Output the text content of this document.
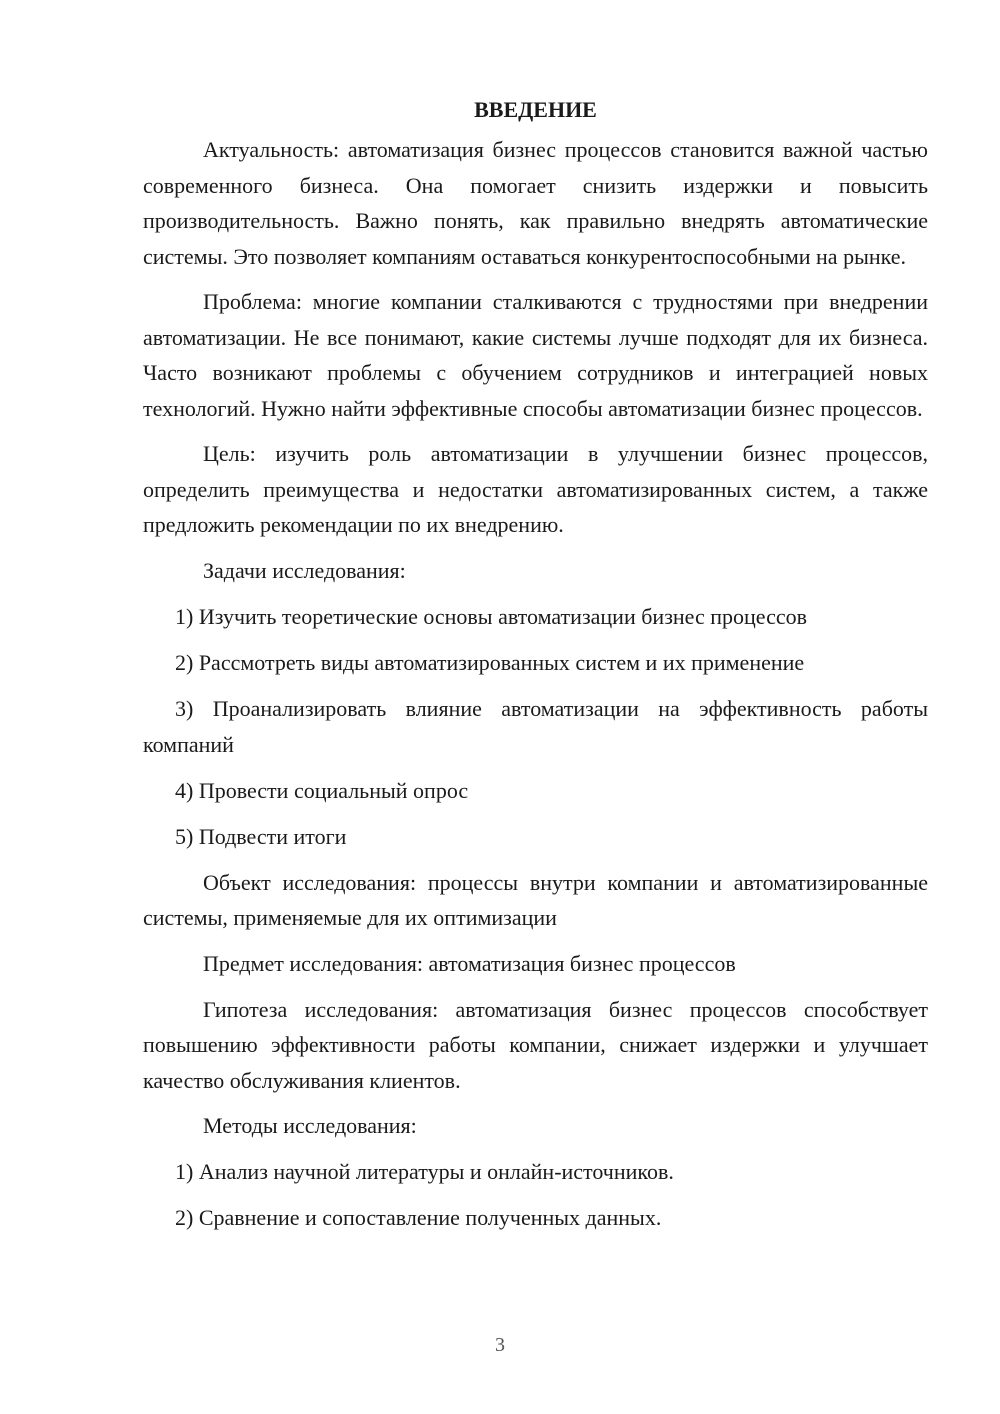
ВВЕДЕНИЕ

Актуальность: автоматизация бизнес процессов становится важной частью современного бизнеса. Она помогает снизить издержки и повысить производительность. Важно понять, как правильно внедрять автоматические системы. Это позволяет компаниям оставаться конкурентоспособными на рынке.

Проблема: многие компании сталкиваются с трудностями при внедрении автоматизации. Не все понимают, какие системы лучше подходят для их бизнеса. Часто возникают проблемы с обучением сотрудников и интеграцией новых технологий. Нужно найти эффективные способы автоматизации бизнес процессов.

Цель: изучить роль автоматизации в улучшении бизнес процессов, определить преимущества и недостатки автоматизированных систем, а также предложить рекомендации по их внедрению.

Задачи исследования:

1) Изучить теоретические основы автоматизации бизнес процессов

2) Рассмотреть виды автоматизированных систем и их применение

3) Проанализировать влияние автоматизации на эффективность работы компаний

4) Провести социальный опрос

5) Подвести итоги

Объект исследования: процессы внутри компании и автоматизированные системы, применяемые для их оптимизации

Предмет исследования: автоматизация бизнес процессов

Гипотеза исследования: автоматизация бизнес процессов способствует повышению эффективности работы компании, снижает издержки и улучшает качество обслуживания клиентов.

Методы исследования:

1) Анализ научной литературы и онлайн-источников.

2) Сравнение и сопоставление полученных данных.

3
